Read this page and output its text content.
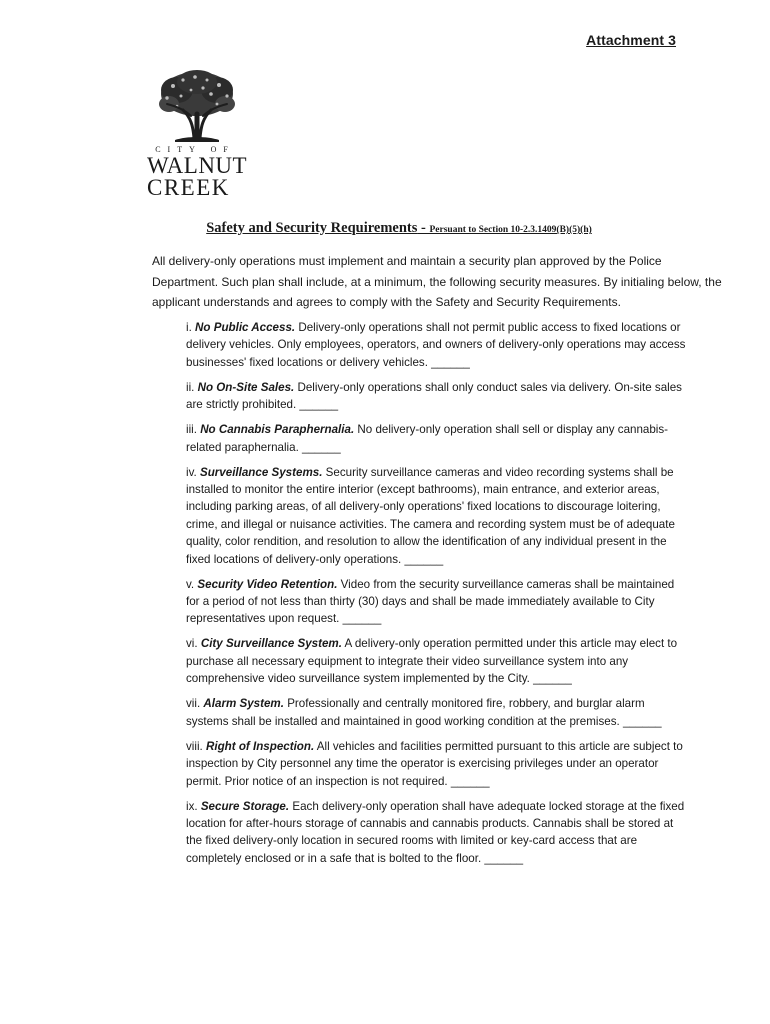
Attachment 3
CITY OF
WALNUT
CREEK
Safety and Security Requirements - Persuant to Section 10-2.3.1409(B)(5)(h)
All delivery-only operations must implement and maintain a security plan approved by the Police Department. Such plan shall include, at a minimum, the following security measures. By initialing below, the applicant understands and agrees to comply with the Safety and Security Requirements.
i. No Public Access. Delivery-only operations shall not permit public access to fixed locations or delivery vehicles. Only employees, operators, and owners of delivery-only operations may access businesses' fixed locations or delivery vehicles. ______
ii. No On-Site Sales. Delivery-only operations shall only conduct sales via delivery. On-site sales are strictly prohibited. ______
iii. No Cannabis Paraphernalia. No delivery-only operation shall sell or display any cannabis-related paraphernalia. ______
iv. Surveillance Systems. Security surveillance cameras and video recording systems shall be installed to monitor the entire interior (except bathrooms), main entrance, and exterior areas, including parking areas, of all delivery-only operations' fixed locations to discourage loitering, crime, and illegal or nuisance activities. The camera and recording system must be of adequate quality, color rendition, and resolution to allow the identification of any individual present in the fixed locations of delivery-only operations. ______
v. Security Video Retention. Video from the security surveillance cameras shall be maintained for a period of not less than thirty (30) days and shall be made immediately available to City representatives upon request. ______
vi. City Surveillance System. A delivery-only operation permitted under this article may elect to purchase all necessary equipment to integrate their video surveillance system into any comprehensive video surveillance system implemented by the City. ______
vii. Alarm System. Professionally and centrally monitored fire, robbery, and burglar alarm systems shall be installed and maintained in good working condition at the premises. ______
viii. Right of Inspection. All vehicles and facilities permitted pursuant to this article are subject to inspection by City personnel any time the operator is exercising privileges under an operator permit. Prior notice of an inspection is not required. ______
ix. Secure Storage. Each delivery-only operation shall have adequate locked storage at the fixed location for after-hours storage of cannabis and cannabis products. Cannabis shall be stored at the fixed delivery-only location in secured rooms with limited or key-card access that are completely enclosed or in a safe that is bolted to the floor. ______
